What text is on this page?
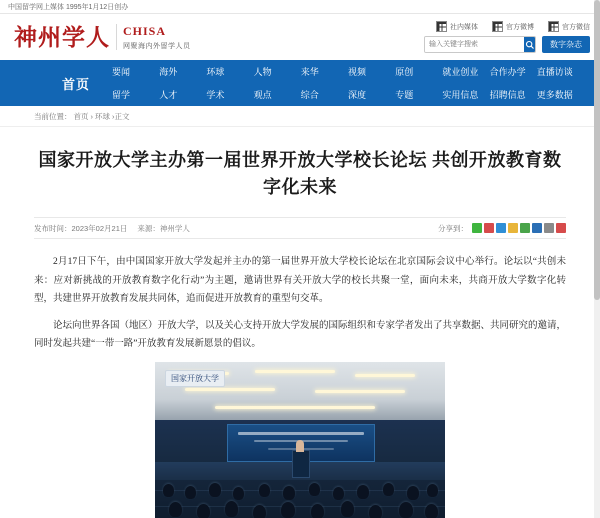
中国留学网上媒体 1995年1月12日创办
神州学人 CHISA
网聚海内外留学人员
社内媒体	官方微博	官方微信
输入关键字搜索
数字杂志
首页
要闻	海外	环球	人物	来华	视频	原创	就业创业	合作办学	直播访谈
留学	人才	学术	观点	综合	深度	专题	实用信息	招聘信息	更多数据
当前位置： 首页 › 环球 › 正文
国家开放大学主办第一届世界开放大学校长论坛 共创开放教育数字化未来
发布时间：2023年02月21日 来源：神州学人	分享到：

2月17日下午，由中国国家开放大学发起并主办的第一届世界开放大学校长论坛在北京国际会议中心举行。论坛以“共创未来：应对新挑战的开放教育数字化行动”为主题，邀请世界有关开放大学的校长共聚一堂，面向未来，共商开放大学数字化转型，共建世界开放教育发展共同体，追而促进开放教育的重型句交革。

论坛向世界各国（地区）开放大学，以及关心支持开放大学发展的国际组织和专家学者发出了共享数据、共同研究的邀请，同时发起共建“一带一路”开放教育发展新愿景的倡议。

国家开放大学
